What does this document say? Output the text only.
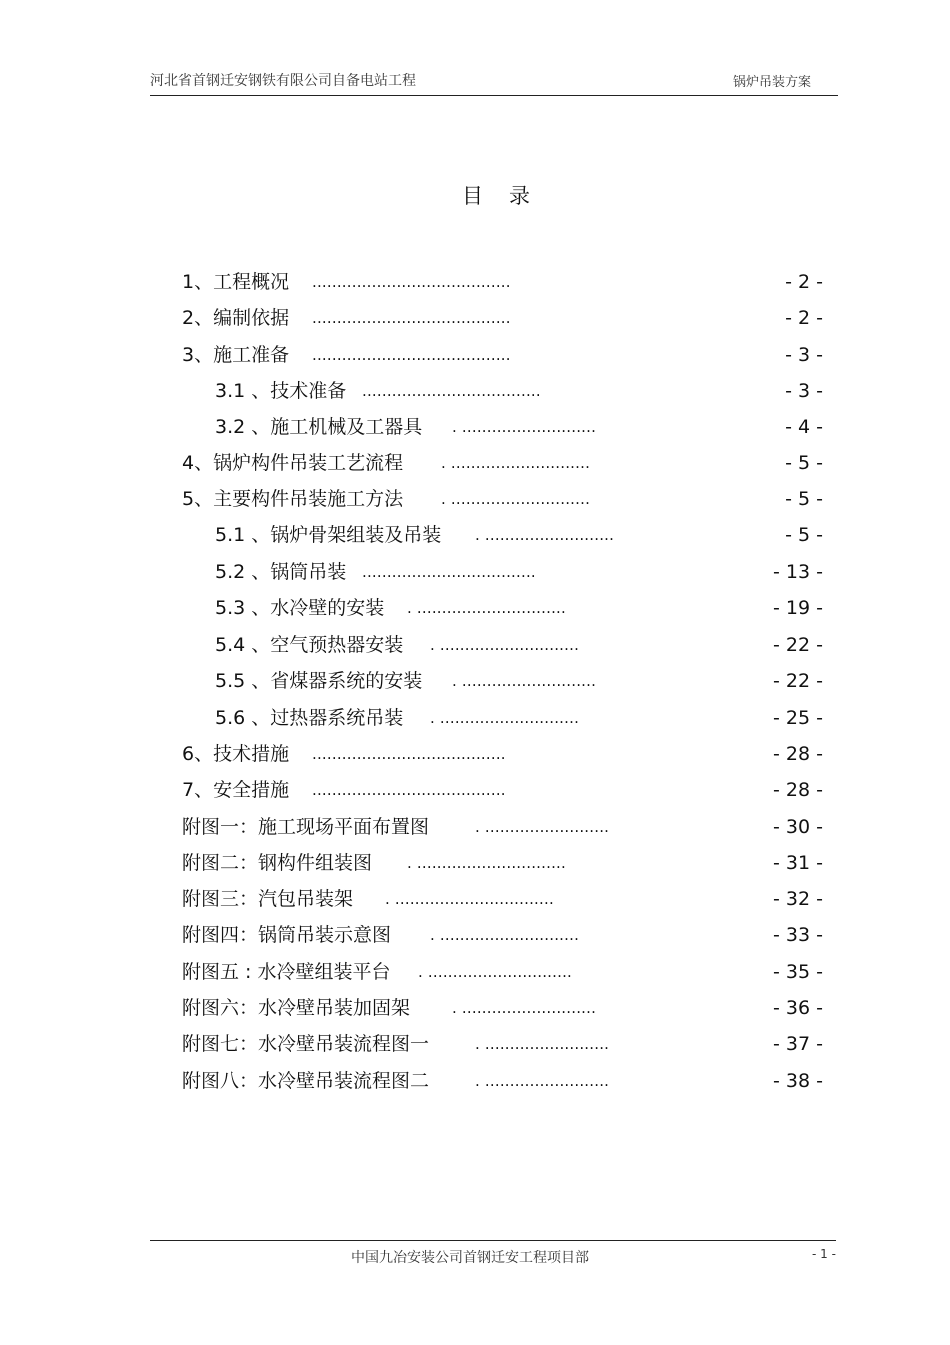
河北省首钢迁安钢铁有限公司自备电站工程	锅炉吊装方案
目录
1、工程概况 ........................................	- 2 -
2、编制依据 ........................................	- 2 -
3、施工准备 ........................................	- 3 -
3.1 、技术准备 ....................................	- 3 -
3.2 、施工机械及工器具 . ...........................	- 4 -
4、锅炉构件吊装工艺流程	. ............................	- 5 -
5、主要构件吊装施工方法	. ............................	- 5 -
5.1 、锅炉骨架组装及吊装 . ..........................	- 5 -
5.2 、锅筒吊装 ...................................	- 13 -
5.3 、水冷壁的安装 . ..............................	- 19 -
5.4 、空气预热器安装 . ............................	- 22 -
5.5 、省煤器系统的安装 . ...........................	- 22 -
5.6 、过热器系统吊装 . ............................	- 25 -
6、技术措施 .......................................	- 28 -
7、安全措施 .......................................	- 28 -
附图一：施工现场平面布置图	. .........................	- 30 -
附图二：钢构件组装图 . ..............................	- 31 -
附图三：汽包吊装架 . ................................	- 32 -
附图四：锅筒吊装示意图	. ............................	- 33 -
附图五 : 水冷壁组装平台 . .............................	- 35 -
附图六：水冷壁吊装加固架	. ...........................	- 36 -
附图七：水冷壁吊装流程图一	. .........................	- 37 -
附图八：水冷壁吊装流程图二	. .........................	- 38 -
中国九冶安装公司首钢迁安工程项目部	- 1 -
